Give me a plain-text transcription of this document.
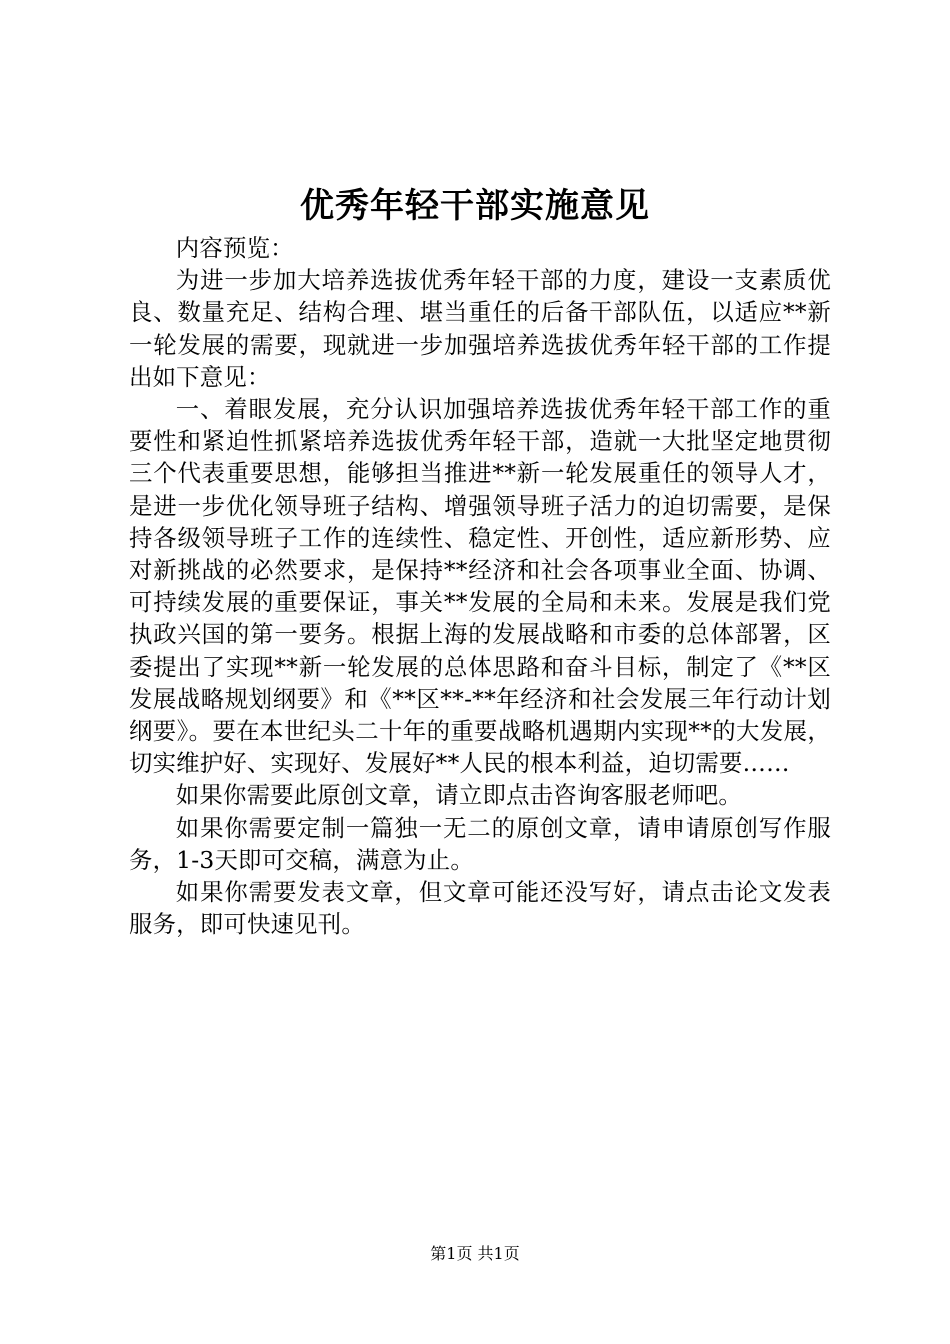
优秀年轻干部实施意见

内容预览：

为进一步加大培养选拔优秀年轻干部的力度，建设一支素质优良、数量充足、结构合理、堪当重任的后备干部队伍，以适应**新一轮发展的需要，现就进一步加强培养选拔优秀年轻干部的工作提出如下意见：

一、着眼发展，充分认识加强培养选拔优秀年轻干部工作的重要性和紧迫性抓紧培养选拔优秀年轻干部，造就一大批坚定地贯彻三个代表重要思想，能够担当推进**新一轮发展重任的领导人才，是进一步优化领导班子结构、增强领导班子活力的迫切需要，是保持各级领导班子工作的连续性、稳定性、开创性，适应新形势、应对新挑战的必然要求，是保持**经济和社会各项事业全面、协调、可持续发展的重要保证，事关**发展的全局和未来。发展是我们党执政兴国的第一要务。根据上海的发展战略和市委的总体部署，区委提出了实现**新一轮发展的总体思路和奋斗目标，制定了《**区发展战略规划纲要》和《**区**-**年经济和社会发展三年行动计划纲要》。要在本世纪头二十年的重要战略机遇期内实现**的大发展，切实维护好、实现好、发展好**人民的根本利益，迫切需要……

如果你需要此原创文章，请立即点击咨询客服老师吧。

如果你需要定制一篇独一无二的原创文章，请申请原创写作服务，1-3天即可交稿，满意为止。

如果你需要发表文章，但文章可能还没写好，请点击论文发表服务，即可快速见刊。

第1页 共1页
